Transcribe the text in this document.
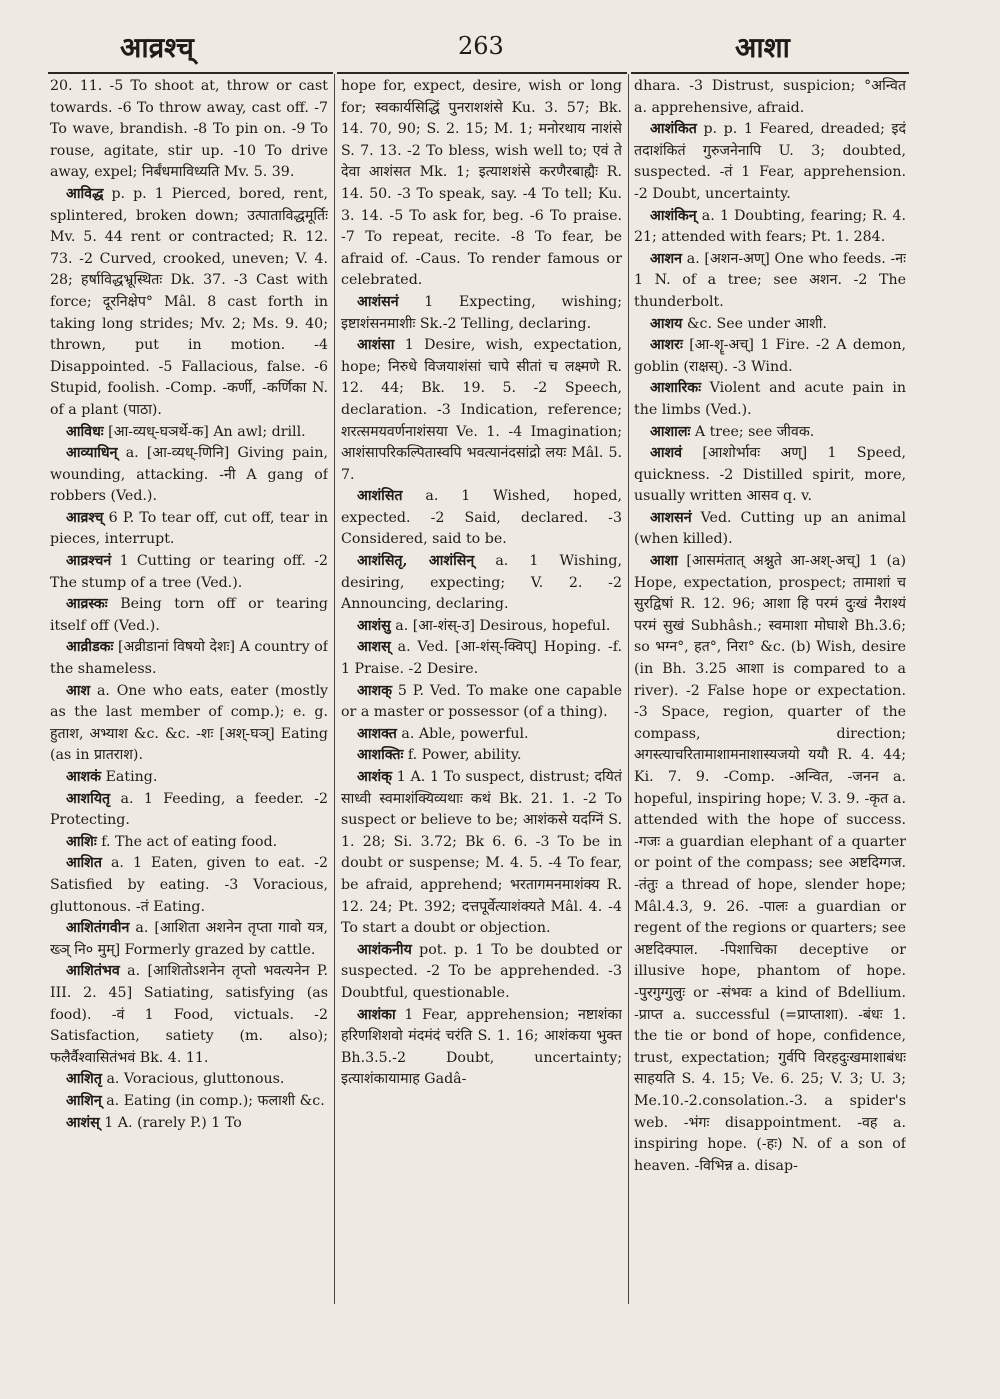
आव्रश्च्	263	आशा

20. 11. -5 To shoot at, throw or cast towards. -6 To throw away, cast off. -7 To wave, brandish. -8 To pin on. -9 To rouse, agitate, stir up. -10 To drive away, expel; निर्बंधमाविध्यति Mv. 5. 39.

आविद्ध p. p. 1 Pierced, bored, rent, splintered, broken down; उत्पाताविद्धमूर्तिः Mv. 5. 44 rent or contracted; R. 12. 73. -2 Curved, crooked, uneven; V. 4. 28; हर्षाविद्धभ्रूस्थितः Dk. 37. -3 Cast with force; दूरनिक्षेप° Mâl. 8 cast forth in taking long strides; Mv. 2; Ms. 9. 40; thrown, put in motion. -4 Disappointed. -5 Fallacious, false. -6 Stupid, foolish. -Comp. -कर्णी, -कर्णिका N. of a plant (पाठा).

आविधः [आ-व्यध्-घञर्थे-क] An awl; drill.

आव्याधिन् a. [आ-व्यध्-णिनि] Giving pain, wounding, attacking. -नी A gang of robbers (Ved.).

आव्रश्च् 6 P. To tear off, cut off, tear in pieces, interrupt.

आव्रश्चनं 1 Cutting or tearing off. -2 The stump of a tree (Ved.).

आव्रस्कः Being torn off or tearing itself off (Ved.).

आव्रीडकः [अव्रीडानां विषयो देशः] A country of the shameless.

आश a. One who eats, eater (mostly as the last member of comp.); e. g. हुताश, अभ्याश &c. &c. -शः [अश्-घञ्] Eating (as in प्रातराश).

आशकं Eating.

आशयितृ a. 1 Feeding, a feeder. -2 Protecting.

आशिः f. The act of eating food.

आशित a. 1 Eaten, given to eat. -2 Satisfied by eating. -3 Voracious, gluttonous. -तं Eating.

आशितंगवीन a. [आशिता अशनेन तृप्ता गावो यत्र, ख्ञ् नि० मुम्] Formerly grazed by cattle.

आशितंभव a. [आशितोऽशनेन तृप्तो भवत्यनेन P. III. 2. 45] Satiating, satisfying (as food). -वं 1 Food, victuals. -2 Satisfaction, satiety (m. also); फलैर्वैश्वासितंभवं Bk. 4. 11.

आशितृ a. Voracious, gluttonous.

आशिन् a. Eating (in comp.); फलाशी &c.

आशंस् 1 A. (rarely P.) 1 To

hope for, expect, desire, wish or long for; स्वकार्यसिद्धिं पुनराशशंसे Ku. 3. 57; Bk. 14. 70, 90; S. 2. 15; M. 1; मनोरथाय नाशंसे S. 7. 13. -2 To bless, wish well to; एवं ते देवा आशंसत Mk. 1; इत्याशशंसे करणैरबाह्यैः R. 14. 50. -3 To speak, say. -4 To tell; Ku. 3. 14. -5 To ask for, beg. -6 To praise. -7 To repeat, recite. -8 To fear, be afraid of. -Caus. To render famous or celebrated.

आशंसनं 1 Expecting, wishing; इष्टाशंसनमाशीः Sk.-2 Telling, declaring.

आशंसा 1 Desire, wish, expectation, hope; निरुधे विजयाशंसां चापे सीतां च लक्ष्मणे R. 12. 44; Bk. 19. 5. -2 Speech, declaration. -3 Indication, reference; शरत्समयवर्णनाशंसया Ve. 1. -4 Imagination; आशंसापरिकल्पितास्वपि भवत्यानंदसांद्रो लयः Mâl. 5. 7.

आशंसित a. 1 Wished, hoped, expected. -2 Said, declared. -3 Considered, said to be.

आशंसितृ, आशंसिन् a. 1 Wishing, desiring, expecting; V. 2. -2 Announcing, declaring.

आशंसु a. [आ-शंस्-उ] Desirous, hopeful.

आशस् a. Ved. [आ-शंस्-क्विप्] Hoping. -f. 1 Praise. -2 Desire.

आशक् 5 P. Ved. To make one capable or a master or possessor (of a thing).

आशक्त a. Able, powerful.

आशक्तिः f. Power, ability.

आशंक् 1 A. 1 To suspect, distrust; दयितं साध्वी स्वमाशंक्यिव्यथाः कथं Bk. 21. 1. -2 To suspect or believe to be; आशंकसे यदग्निं S. 1. 28; Si. 3.72; Bk 6. 6. -3 To be in doubt or suspense; M. 4. 5. -4 To fear, be afraid, apprehend; भरतागमनमाशंक्य R. 12. 24; Pt. 392; दत्तपूर्वेत्याशंक्यते Mâl. 4. -4 To start a doubt or objection.

आशंकनीय pot. p. 1 To be doubted or suspected. -2 To be apprehended. -3 Doubtful, questionable.

आशंका 1 Fear, apprehension; नष्टाशंका हरिणशिशवो मंदमंदं चरंति S. 1. 16; आशंकया भुक्त Bh.3.5.-2 Doubt, uncertainty; इत्याशंकायामाह Gadâ-

dhara. -3 Distrust, suspicion; °अन्वित a. apprehensive, afraid.

आशंकित p. p. 1 Feared, dreaded; इदं तदाशंकितं गुरुजनेनापि U. 3; doubted, suspected. -तं 1 Fear, apprehension. -2 Doubt, uncertainty.

आशंकिन् a. 1 Doubting, fearing; R. 4. 21; attended with fears; Pt. 1. 284.

आशन a. [अशन-अण्] One who feeds. -नः 1 N. of a tree; see अशन. -2 The thunderbolt.

आशय &c. See under आशी.

आशरः [आ-शॄ-अच्] 1 Fire. -2 A demon, goblin (राक्षस्). -3 Wind.

आशारिकः Violent and acute pain in the limbs (Ved.).

आशालः A tree; see जीवक.

आशवं [आशोर्भावः अण्] 1 Speed, quickness. -2 Distilled spirit, more, usually written आसव q. v.

आशसनं Ved. Cutting up an animal (when killed).

आशा [आसमंतात् अश्नुते आ-अश्-अच्] 1 (a) Hope, expectation, prospect; तामाशां च सुरद्विषां R. 12. 96; आशा हि परमं दुःखं नैराश्यं परमं सुखं Subhâsh.; स्वमाशा मोघाशे Bh.3.6; so भग्न°, हत°, निरा° &c. (b) Wish, desire (in Bh. 3.25 आशा is compared to a river). -2 False hope or expectation. -3 Space, region, quarter of the compass, direction; अगस्त्याचरितामाशामनाशास्यजयो ययौ R. 4. 44; Ki. 7. 9. -Comp. -अन्वित, -जनन a. hopeful, inspiring hope; V. 3. 9. -कृत a. attended with the hope of success. -गजः a guardian elephant of a quarter or point of the compass; see अष्टदिग्गज. -तंतुः a thread of hope, slender hope; Mâl.4.3, 9. 26. -पालः a guardian or regent of the regions or quarters; see अष्टदिक्पाल. -पिशाचिका deceptive or illusive hope, phantom of hope. -पुरगुग्गुलुः or -संभवः a kind of Bdellium. -प्राप्त a. successful (=प्राप्ताशा). -बंधः 1. the tie or bond of hope, confidence, trust, expectation; गुर्वपि विरहदुःखमाशाबंधः साहयति S. 4. 15; Ve. 6. 25; V. 3; U. 3; Me.10.-2.consolation.-3. a spider's web. -भंगः disappointment. -वह a. inspiring hope. (-हः) N. of a son of heaven. -विभिन्न a. disap-
